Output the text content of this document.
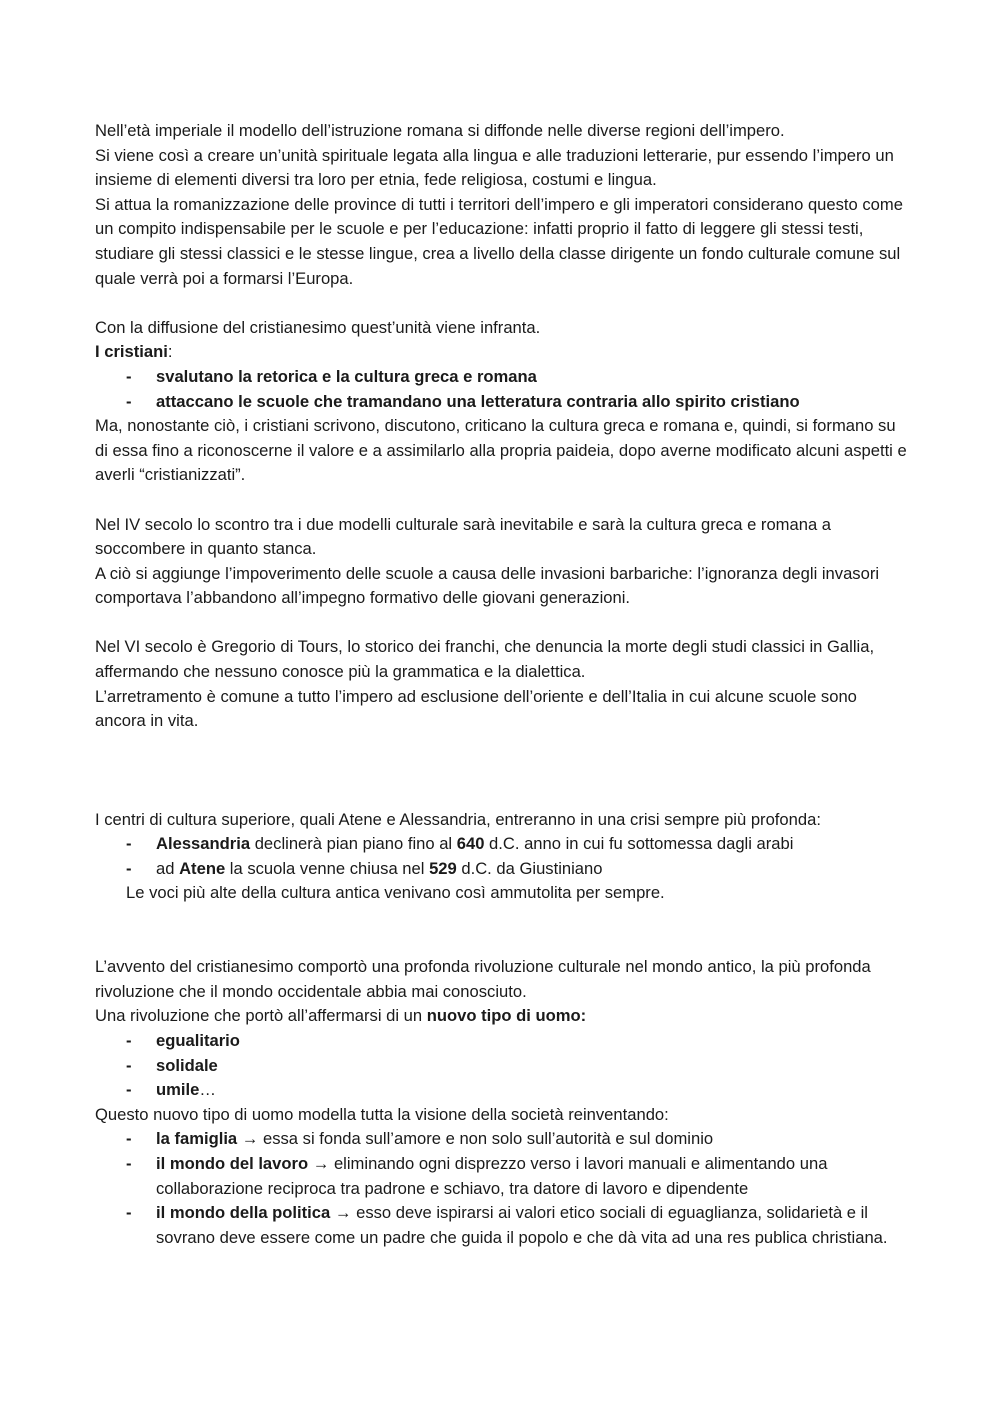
Nell’età imperiale il modello dell’istruzione romana si diffonde nelle diverse regioni dell’impero.

Si viene così a creare un’unità spirituale legata alla lingua e alle traduzioni letterarie, pur essendo l’impero un insieme di elementi diversi tra loro per etnia, fede religiosa, costumi e lingua.

Si attua la romanizzazione delle province di tutti i territori dell’impero e gli imperatori considerano questo come un compito indispensabile per le scuole e per l’educazione: infatti proprio il fatto di leggere gli stessi testi, studiare gli stessi classici e le stesse lingue, crea a livello della classe dirigente un fondo culturale comune sul quale verrà poi a formarsi l’Europa.

Con la diffusione del cristianesimo quest’unità viene infranta.

I cristiani:

- svalutano la retorica e la cultura greca e romana
- attaccano le scuole che tramandano una letteratura contraria allo spirito cristiano

Ma, nonostante ciò, i cristiani scrivono, discutono, criticano la cultura greca e romana e, quindi, si formano su di essa fino a riconoscerne il valore e a assimilarlo alla propria paideia, dopo averne modificato alcuni aspetti e averli “cristianizzati”.

Nel IV secolo lo scontro tra i due modelli culturale sarà inevitabile e sarà la cultura greca e romana a soccombere in quanto stanca.

A ciò si aggiunge l’impoverimento delle scuole a causa delle invasioni barbariche: l’ignoranza degli invasori comportava l’abbandono all’impegno formativo delle giovani generazioni.

Nel VI secolo è Gregorio di Tours, lo storico dei franchi, che denuncia la morte degli studi classici in Gallia, affermando che nessuno conosce più la grammatica e la dialettica.

L’arretramento è comune a tutto l’impero ad esclusione dell’oriente e dell’Italia in cui alcune scuole sono ancora in vita.

I centri di cultura superiore, quali Atene e Alessandria, entreranno in una crisi sempre più profonda:

- Alessandria declinerà pian piano fino al 640 d.C. anno in cui fu sottomessa dagli arabi
- ad Atene la scuola venne chiusa nel 529 d.C. da Giustiniano

Le voci più alte della cultura antica venivano così ammutolita per sempre.

L’avvento del cristianesimo comportò una profonda rivoluzione culturale nel mondo antico, la più profonda rivoluzione che il mondo occidentale abbia mai conosciuto.

Una rivoluzione che portò all’affermarsi di un nuovo tipo di uomo:

- egualitario
- solidale
- umile…

Questo nuovo tipo di uomo modella tutta la visione della società reinventando:

- la famiglia → essa si fonda sull’amore e non solo sull’autorità e sul dominio
- il mondo del lavoro → eliminando ogni disprezzo verso i lavori manuali e alimentando una collaborazione reciproca tra padrone e schiavo, tra datore di lavoro e dipendente
- il mondo della politica → esso deve ispirarsi ai valori etico sociali di eguaglianza, solidarietà e il sovrano deve essere come un padre che guida il popolo e che dà vita ad una res publica christiana.
